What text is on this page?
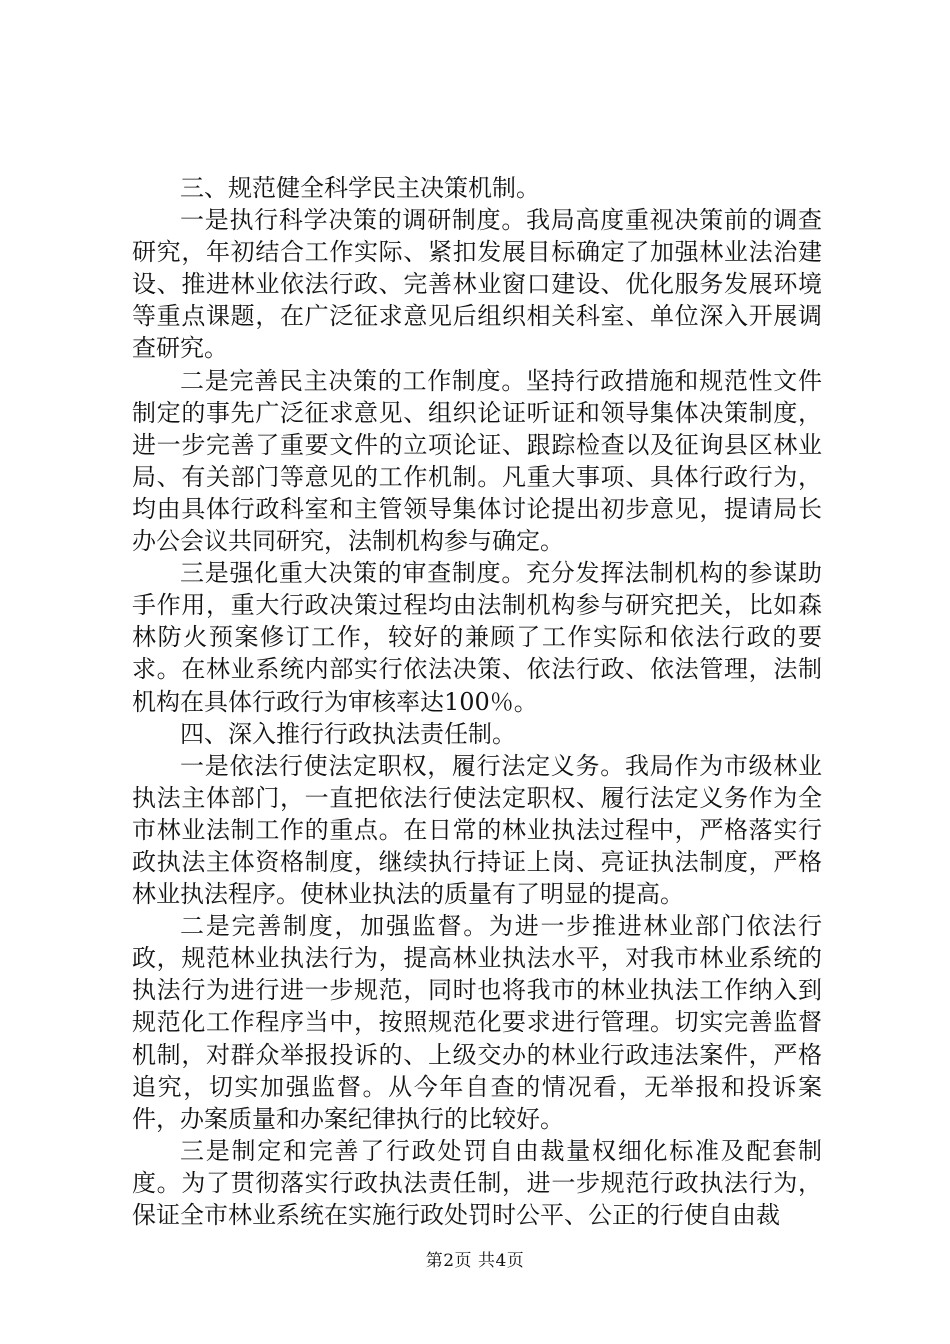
三、规范健全科学民主决策机制。

一是执行科学决策的调研制度。我局高度重视决策前的调查研究，年初结合工作实际、紧扣发展目标确定了加强林业法治建设、推进林业依法行政、完善林业窗口建设、优化服务发展环境等重点课题，在广泛征求意见后组织相关科室、单位深入开展调查研究。

二是完善民主决策的工作制度。坚持行政措施和规范性文件制定的事先广泛征求意见、组织论证听证和领导集体决策制度，进一步完善了重要文件的立项论证、跟踪检查以及征询县区林业局、有关部门等意见的工作机制。凡重大事项、具体行政行为，均由具体行政科室和主管领导集体讨论提出初步意见，提请局长办公会议共同研究，法制机构参与确定。

三是强化重大决策的审查制度。充分发挥法制机构的参谋助手作用，重大行政决策过程均由法制机构参与研究把关，比如森林防火预案修订工作，较好的兼顾了工作实际和依法行政的要求。在林业系统内部实行依法决策、依法行政、依法管理，法制机构在具体行政行为审核率达100％。

四、深入推行行政执法责任制。

一是依法行使法定职权，履行法定义务。我局作为市级林业执法主体部门，一直把依法行使法定职权、履行法定义务作为全市林业法制工作的重点。在日常的林业执法过程中，严格落实行政执法主体资格制度，继续执行持证上岗、亮证执法制度，严格林业执法程序。使林业执法的质量有了明显的提高。

二是完善制度，加强监督。为进一步推进林业部门依法行政，规范林业执法行为，提高林业执法水平，对我市林业系统的执法行为进行进一步规范，同时也将我市的林业执法工作纳入到规范化工作程序当中，按照规范化要求进行管理。切实完善监督机制，对群众举报投诉的、上级交办的林业行政违法案件，严格追究，切实加强监督。从今年自查的情况看，无举报和投诉案件，办案质量和办案纪律执行的比较好。

三是制定和完善了行政处罚自由裁量权细化标准及配套制度。为了贯彻落实行政执法责任制，进一步规范行政执法行为，保证全市林业系统在实施行政处罚时公平、公正的行使自由裁

第2页 共4页
